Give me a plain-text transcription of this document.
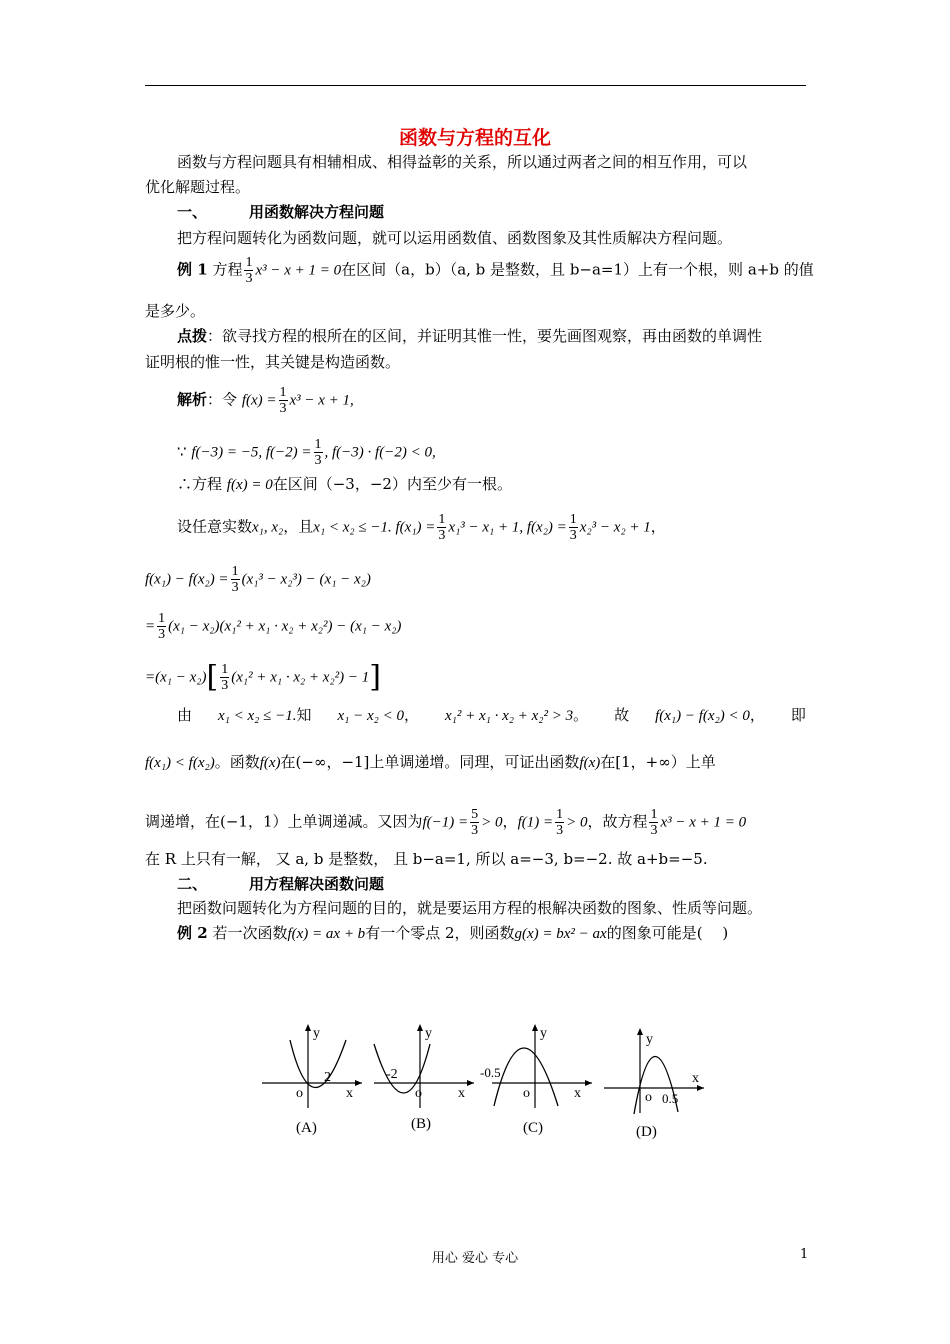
函数与方程的互化
函数与方程问题具有相辅相成、相得益彰的关系，所以通过两者之间的相互作用，可以
优化解题过程。
一、	用函数解决方程问题
把方程问题转化为函数问题，就可以运用函数值、函数图象及其性质解决方程问题。
例 1 方程 $\frac{1}{3} x^3 - x + 1 = 0$在区间（a，b）（a, b 是整数，且 b−a=1）上有一个根，则 a+b 的值
是多少。
点拨：欲寻找方程的根所在的区间，并证明其惟一性，要先画图观察，再由函数的单调性
证明根的惟一性，其关键是构造函数。
解析：令 $f(x) = \frac{1}{3} x^3 - x + 1$,
∵ f(−3) = −5, $f(-2) = \frac{1}{3}$ , f(−3) · f(−2) < 0,
∴方程 f(x) = 0在区间（−3，−2）内至少有一根。
设任意实数x₁, x₂，且x₁ < x₂ ≤ −1. $f(x_1) = \frac{1}{3} x_1^3 - x_1 + 1$, $f(x_2) = \frac{1}{3} x_2^3 - x_2 + 1$，
$f(x_1) - f(x_2) = \frac{1}{3} (x_1^3 - x_2^3) - (x_1 - x_2)$
= $\frac{1}{3} (x_1 - x_2)(x_1^2 + x_1 \cdot x_2 + x_2^2) - (x_1 - x_2)$
$=(x_1 - x_2)[ \frac{1}{3} (x_1^2 + x_1 \cdot x_2 + x_2^2) - 1]$
由 x₁ < x₂ ≤ −1.知 x₁ − x₂ < 0， x₁² + x₁ · x₂ + x₂² > 3。 故 f(x₁) − f(x₂) < 0， 即
f(x₁) < f(x₂)。函数f(x)在(−∞，−1]上单调递增。同理，可证出函数f(x)在[1，+∞）上单
调递增，在(−1，1）上单调递减。又因为$f(-1) = \frac{5}{3} > 0$，$f(1) = \frac{1}{3} > 0$，故方程 $\frac{1}{3} x^3 - x + 1 = 0$
在 R 上只有一解， 又 a, b 是整数， 且 b−a=1, 所以 a=−3, b=−2. 故 a+b=−5.
二、	用方程解决函数问题
把函数问题转化为方程问题的目的，就是要运用方程的根解决函数的图象、性质等问题。
例 2 若一次函数f(x) = ax + b有一个零点 2，则函数g(x) = bx² − ax的图象可能是(　 )
y
x
o
2
y
x
o
-2
y
x
o
-0.5
y
x
o 0.5
(A)	(B)	(C)	(D)
用心 爱心 专心	1
